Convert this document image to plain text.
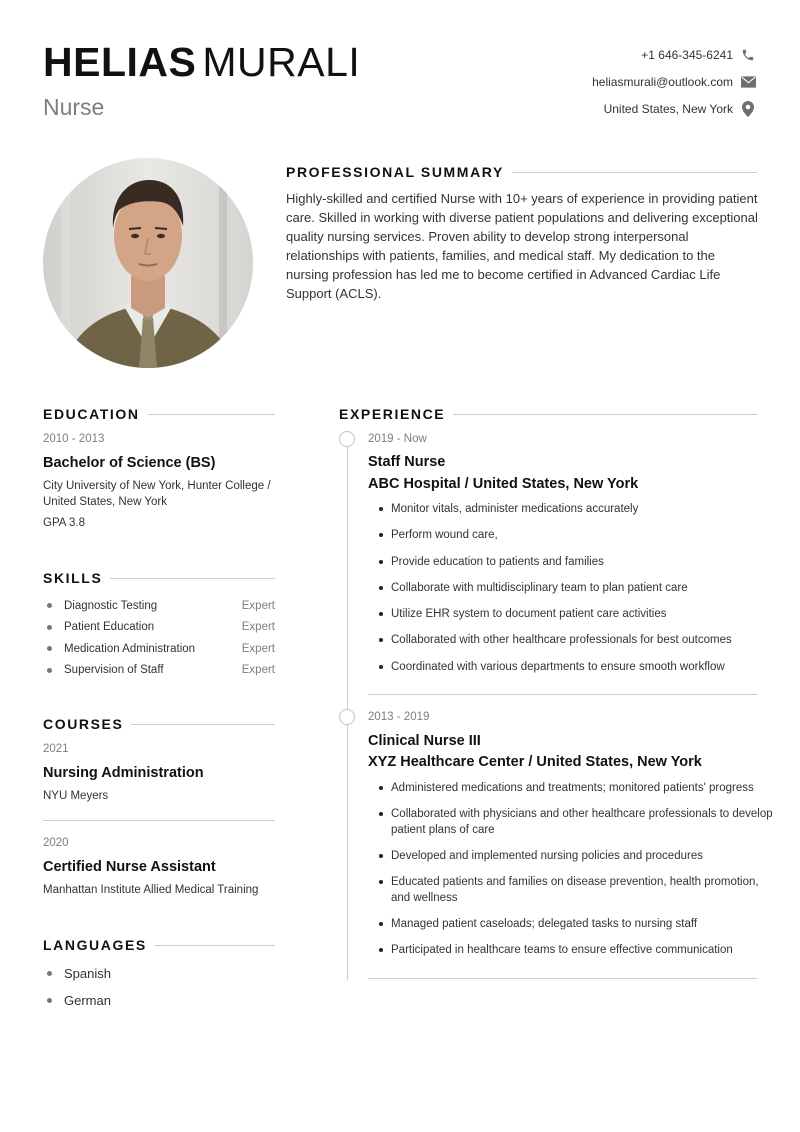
HELIAS MURALI
Nurse
+1 646-345-6241
heliasmurali@outlook.com
United States, New York
PROFESSIONAL SUMMARY
Highly-skilled and certified Nurse with 10+ years of experience in providing patient care. Skilled in working with diverse patient populations and delivering exceptional quality nursing services. Proven ability to develop strong interpersonal relationships with patients, families, and medical staff. My dedication to the nursing profession has led me to become certified in Advanced Cardiac Life Support (ACLS).
EDUCATION
2010 - 2013
Bachelor of Science (BS)
City University of New York, Hunter College /
United States, New York
GPA 3.8
SKILLS
Diagnostic Testing	Expert
Patient Education	Expert
Medication Administration	Expert
Supervision of Staff	Expert
COURSES
2021
Nursing Administration
NYU Meyers
2020
Certified Nurse Assistant
Manhattan Institute Allied Medical Training
LANGUAGES
Spanish
German
EXPERIENCE
2019 - Now
Staff Nurse
ABC Hospital / United States, New York
Monitor vitals, administer medications accurately
Perform wound care,
Provide education to patients and families
Collaborate with multidisciplinary team to plan patient care
Utilize EHR system to document patient care activities
Collaborated with other healthcare professionals for best outcomes
Coordinated with various departments to ensure smooth workflow
2013 - 2019
Clinical Nurse III
XYZ Healthcare Center / United States, New York
Administered medications and treatments; monitored patients' progress
Collaborated with physicians and other healthcare professionals to develop patient plans of care
Developed and implemented nursing policies and procedures
Educated patients and families on disease prevention, health promotion, and wellness
Managed patient caseloads; delegated tasks to nursing staff
Participated in healthcare teams to ensure effective communication
